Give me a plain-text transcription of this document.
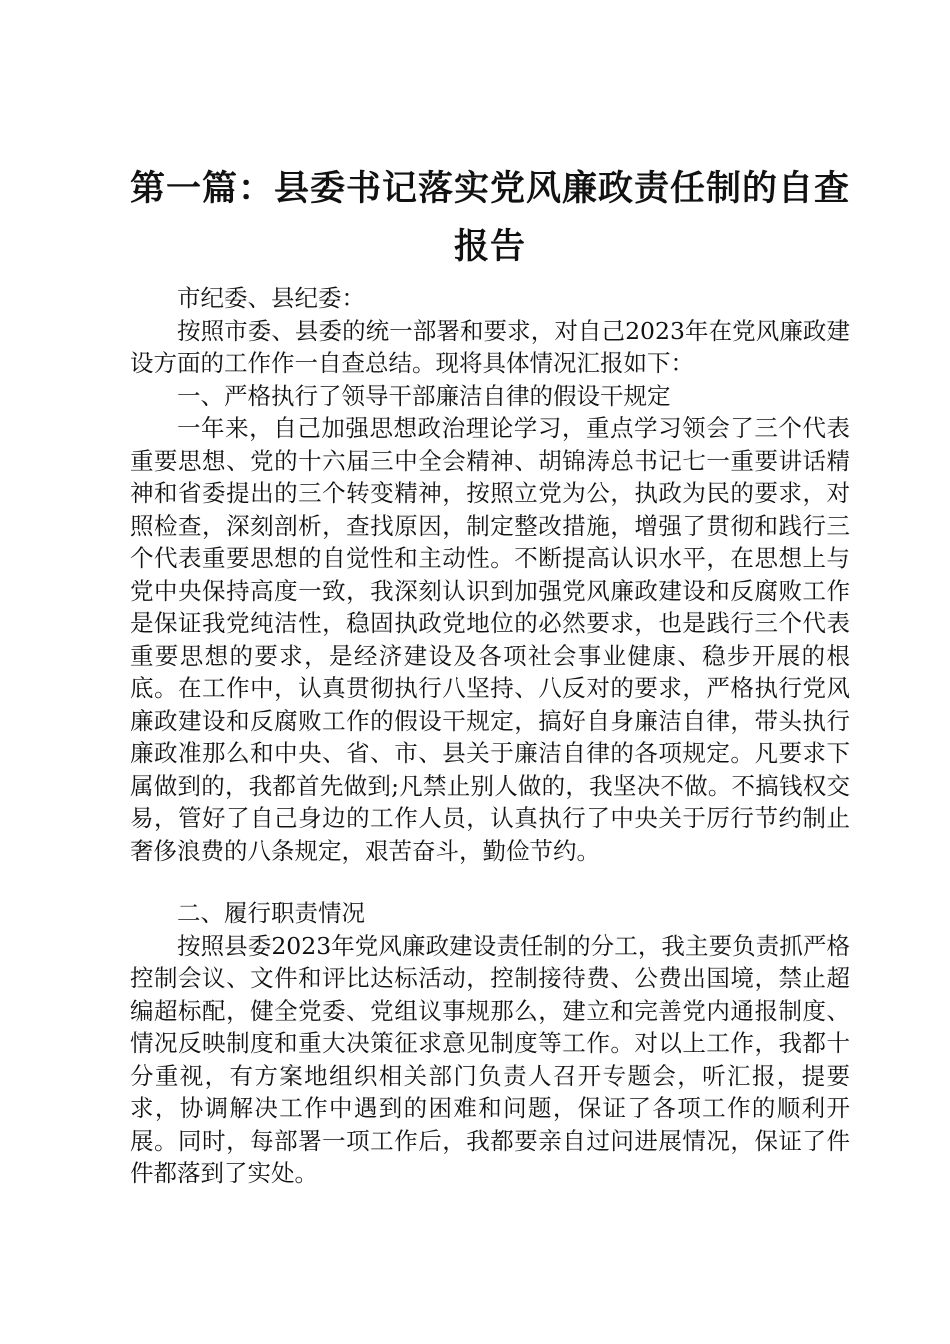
第一篇：县委书记落实党风廉政责任制的自查报告

市纪委、县纪委：

按照市委、县委的统一部署和要求，对自己2023年在党风廉政建设方面的工作作一自查总结。现将具体情况汇报如下：

一、严格执行了领导干部廉洁自律的假设干规定

一年来，自己加强思想政治理论学习，重点学习领会了三个代表重要思想、党的十六届三中全会精神、胡锦涛总书记七一重要讲话精神和省委提出的三个转变精神，按照立党为公，执政为民的要求，对照检查，深刻剖析，查找原因，制定整改措施，增强了贯彻和践行三个代表重要思想的自觉性和主动性。不断提高认识水平，在思想上与党中央保持高度一致，我深刻认识到加强党风廉政建设和反腐败工作是保证我党纯洁性，稳固执政党地位的必然要求，也是践行三个代表重要思想的要求，是经济建设及各项社会事业健康、稳步开展的根底。在工作中，认真贯彻执行八坚持、八反对的要求，严格执行党风廉政建设和反腐败工作的假设干规定，搞好自身廉洁自律，带头执行廉政准那么和中央、省、市、县关于廉洁自律的各项规定。凡要求下属做到的，我都首先做到;凡禁止别人做的，我坚决不做。不搞钱权交易，管好了自己身边的工作人员，认真执行了中央关于厉行节约制止奢侈浪费的八条规定，艰苦奋斗，勤俭节约。

二、履行职责情况

按照县委2023年党风廉政建设责任制的分工，我主要负责抓严格控制会议、文件和评比达标活动，控制接待费、公费出国境，禁止超编超标配，健全党委、党组议事规那么，建立和完善党内通报制度、情况反映制度和重大决策征求意见制度等工作。对以上工作，我都十分重视，有方案地组织相关部门负责人召开专题会，听汇报，提要求，协调解决工作中遇到的困难和问题，保证了各项工作的顺利开展。同时，每部署一项工作后，我都要亲自过问进展情况，保证了件件都落到了实处。
